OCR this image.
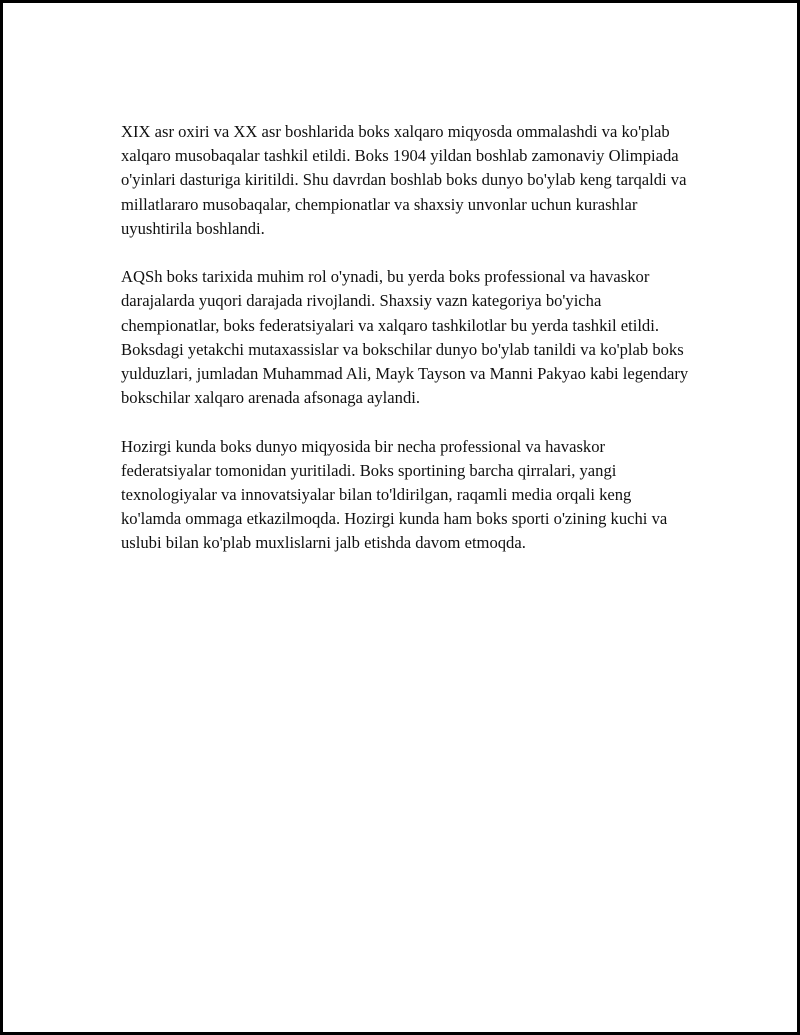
XIX asr oxiri va XX asr boshlarida boks xalqaro miqyosda ommalashdi va ko'plab xalqaro musobaqalar tashkil etildi. Boks 1904 yildan boshlab zamonaviy Olimpiada o'yinlari dasturiga kiritildi. Shu davrdan boshlab boks dunyo bo'ylab keng tarqaldi va millatlararo musobaqalar, chempionatlar va shaxsiy unvonlar uchun kurashlar uyushtirila boshlandi.

AQSh boks tarixida muhim rol o'ynadi, bu yerda boks professional va havaskor darajalarda yuqori darajada rivojlandi. Shaxsiy vazn kategoriya bo'yicha chempionatlar, boks federatsiyalari va xalqaro tashkilotlar bu yerda tashkil etildi. Boksdagi yetakchi mutaxassislar va bokschilar dunyo bo'ylab tanildi va ko'plab boks yulduzlari, jumladan Muhammad Ali, Mayk Tayson va Manni Pakyao kabi legendary bokschilar xalqaro arenada afsonaga aylandi.

Hozirgi kunda boks dunyo miqyosida bir necha professional va havaskor federatsiyalar tomonidan yuritiladi. Boks sportining barcha qirralari, yangi texnologiyalar va innovatsiyalar bilan to'ldirilgan, raqamli media orqali keng ko'lamda ommaga etkazilmoqda. Hozirgi kunda ham boks sporti o'zining kuchi va uslubi bilan ko'plab muxlislarni jalb etishda davom etmoqda.
